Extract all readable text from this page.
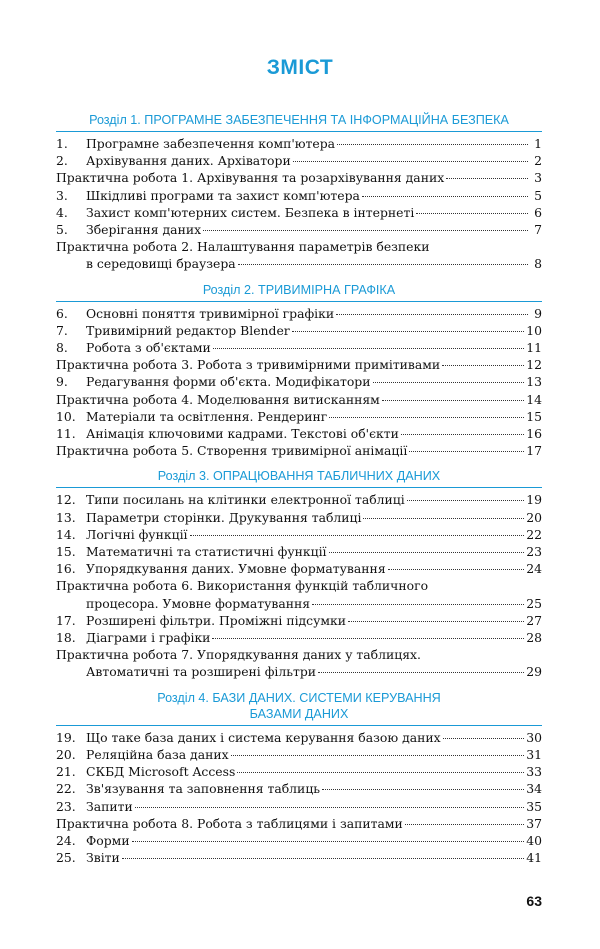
ЗМІСТ
Розділ 1. ПРОГРАМНЕ ЗАБЕЗПЕЧЕННЯ ТА ІНФОРМАЦІЙНА БЕЗПЕКА
1.	Програмне забезпечення комп'ютера	1
2.	Архівування даних. Архіватори	2
Практична робота 1. Архівування та розархівування даних	3
3.	Шкідливі програми та захист комп'ютера	5
4.	Захист комп'ютерних систем. Безпека в інтернеті	6
5.	Зберігання даних	7
Практична робота 2. Налаштування параметрів безпеки
в середовищі браузера	8
Розділ 2. ТРИВИМІРНА ГРАФІКА
6.	Основні поняття тривимірної графіки	9
7.	Тривимірний редактор Blender	10
8.	Робота з об'єктами	11
Практична робота 3. Робота з тривимірними примітивами	12
9.	Редагування форми об'єкта. Модифікатори	13
Практична робота 4. Моделювання витисканням	14
10. Матеріали та освітлення. Рендеринг	15
11. Анімація ключовими кадрами. Текстові об'єкти	16
Практична робота 5. Створення тривимірної анімації	17
Розділ 3. ОПРАЦЮВАННЯ ТАБЛИЧНИХ ДАНИХ
12. Типи посилань на клітинки електронної таблиці	19
13. Параметри сторінки. Друкування таблиці	20
14. Логічні функції	22
15. Математичні та статистичні функції	23
16. Упорядкування даних. Умовне форматування	24
Практична робота 6. Використання функцій табличного
процесора. Умовне форматування	25
17. Розширені фільтри. Проміжні підсумки	27
18. Діаграми і графіки	28
Практична робота 7. Упорядкування даних у таблицях.
Автоматичні та розширені фільтри	29
Розділ 4. БАЗИ ДАНИХ. СИСТЕМИ КЕРУВАННЯ
БАЗАМИ ДАНИХ
19. Що таке база даних і система керування базою даних	30
20. Реляційна база даних	31
21. СКБД Microsoft Access	33
22. Зв'язування та заповнення таблиць	34
23. Запити	35
Практична робота 8. Робота з таблицями і запитами	37
24. Форми	40
25. Звіти	41
63
